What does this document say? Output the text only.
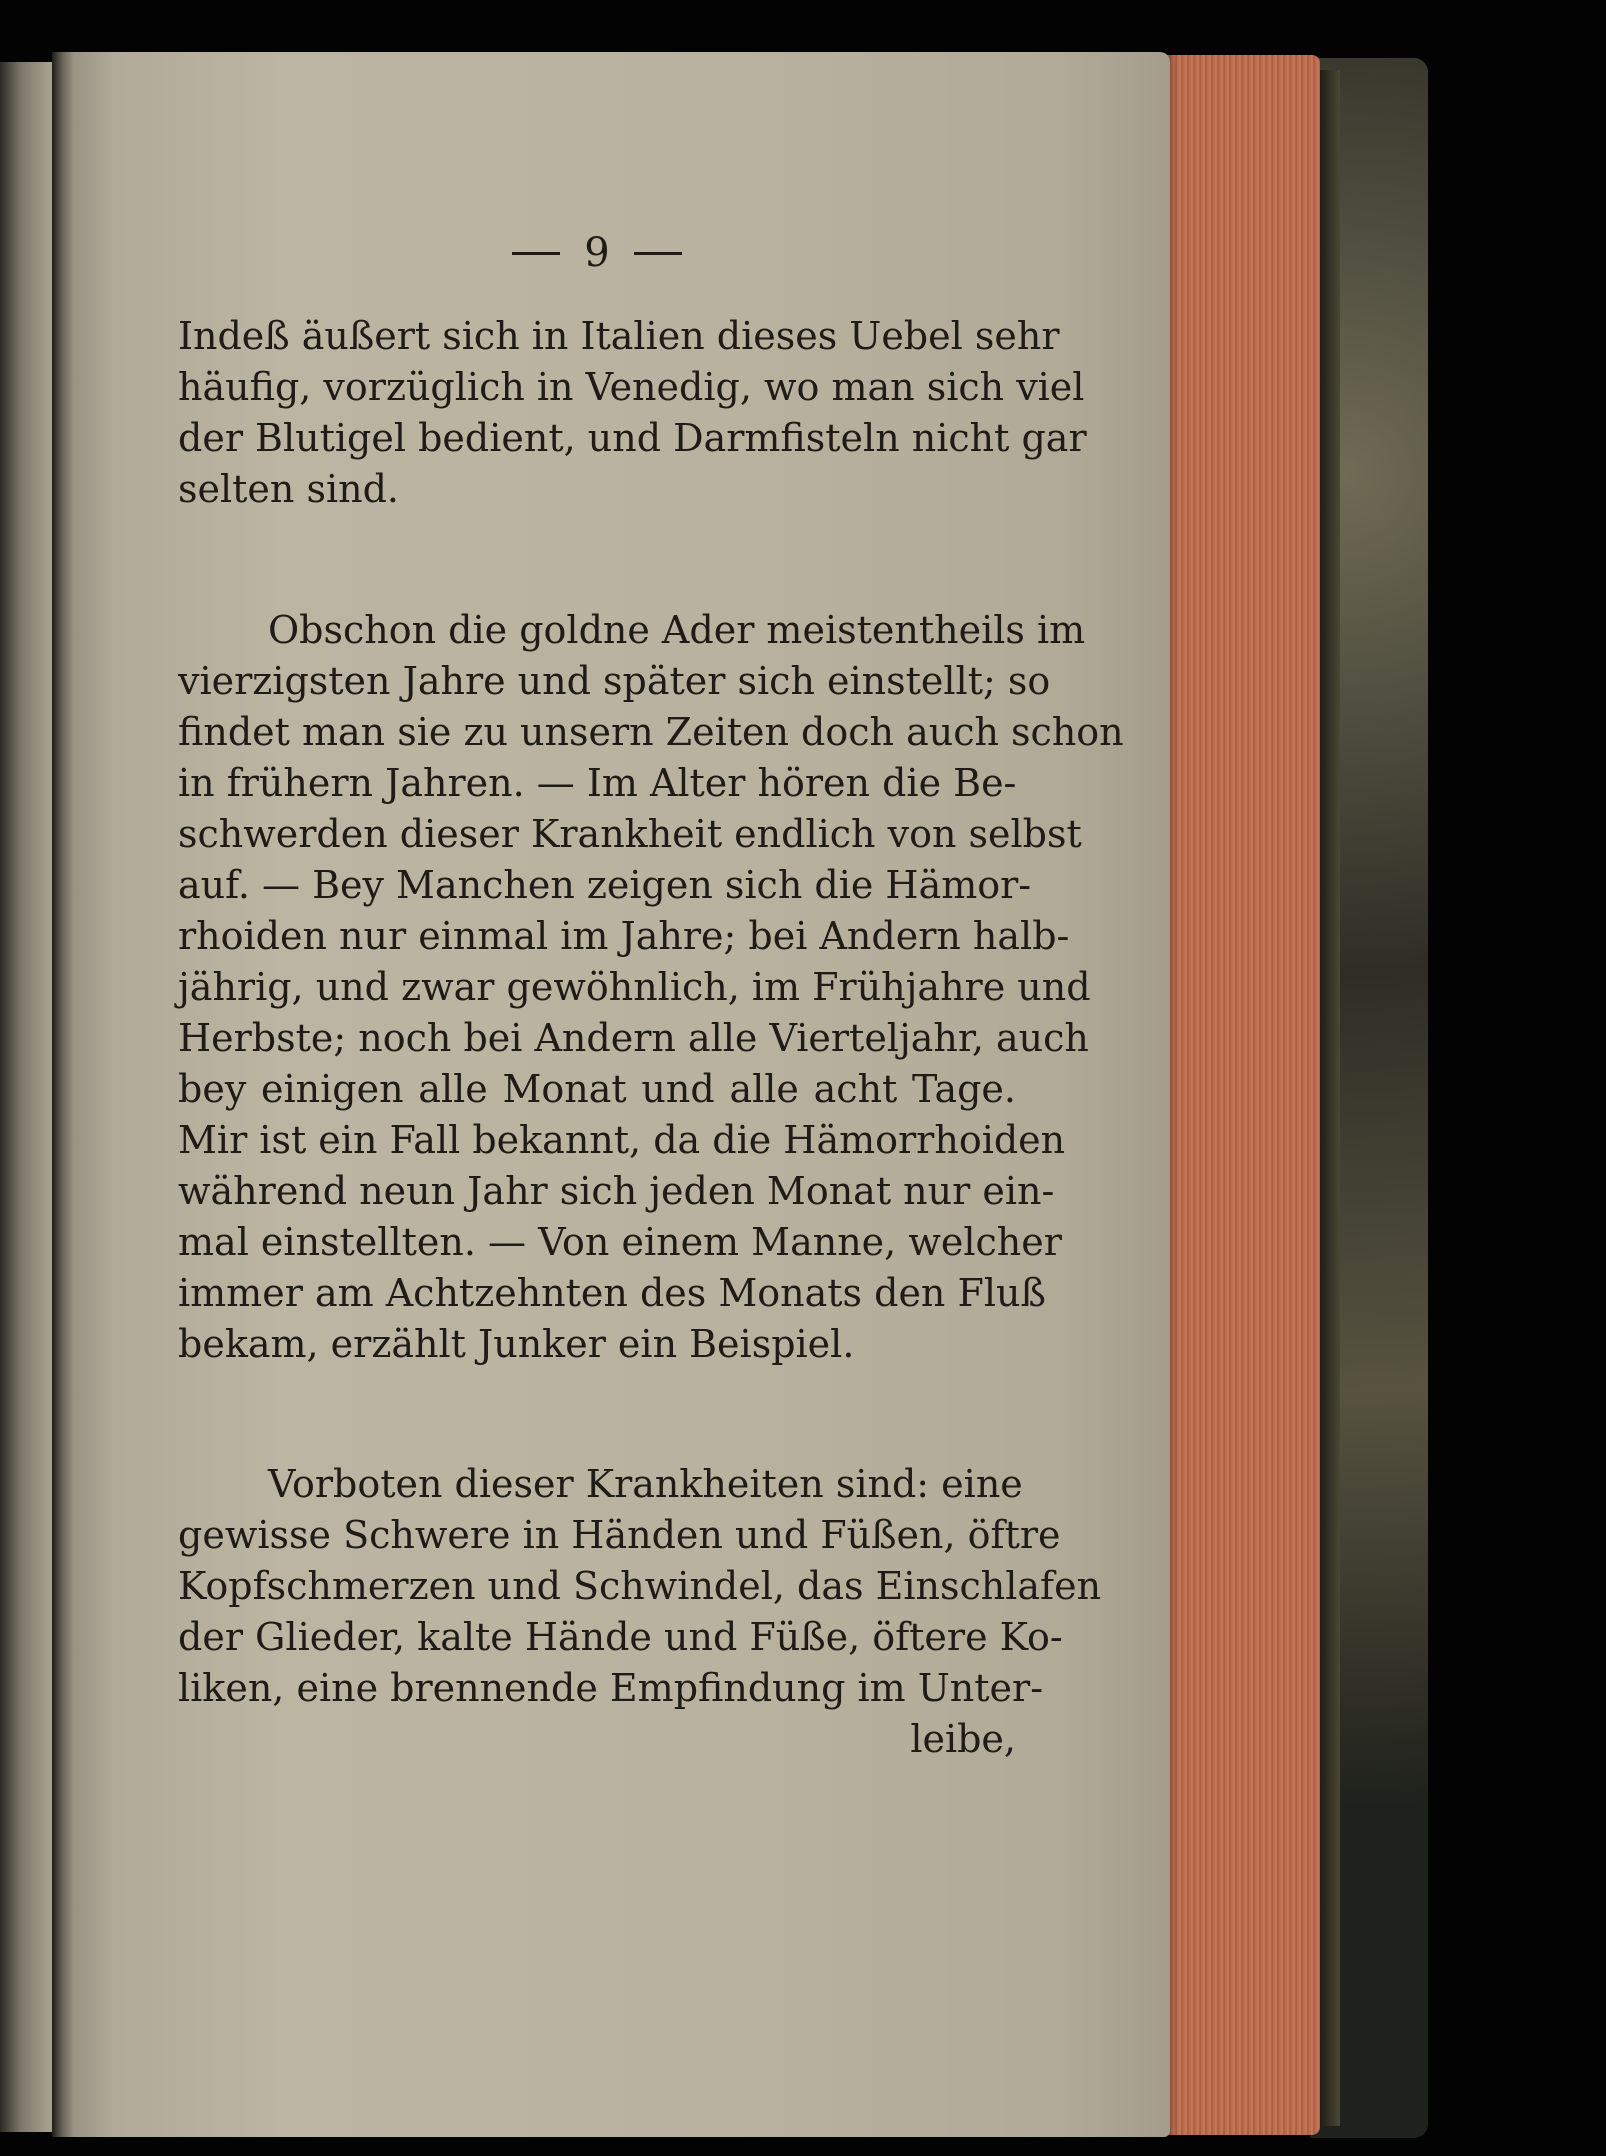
9
Indeß äußert sich in Italien dieses Uebel sehr
häufig, vorzüglich in Venedig, wo man sich viel
der Blutigel bedient, und Darmfisteln nicht gar
selten sind.
Obschon die goldne Ader meistentheils im
vierzigsten Jahre und später sich einstellt; so
findet man sie zu unsern Zeiten doch auch schon
in frühern Jahren. — Im Alter hören die Be-
schwerden dieser Krankheit endlich von selbst
auf. — Bey Manchen zeigen sich die Hämor-
rhoiden nur einmal im Jahre; bei Andern halb-
jährig, und zwar gewöhnlich, im Frühjahre und
Herbste; noch bei Andern alle Vierteljahr, auch
bey einigen alle Monat und alle acht Tage.
Mir ist ein Fall bekannt, da die Hämorrhoiden
während neun Jahr sich jeden Monat nur ein-
mal einstellten. — Von einem Manne, welcher
immer am Achtzehnten des Monats den Fluß
bekam, erzählt Junker ein Beispiel.
Vorboten dieser Krankheiten sind: eine
gewisse Schwere in Händen und Füßen, öftre
Kopfschmerzen und Schwindel, das Einschlafen
der Glieder, kalte Hände und Füße, öftere Ko-
liken, eine brennende Empfindung im Unter-
leibe,
